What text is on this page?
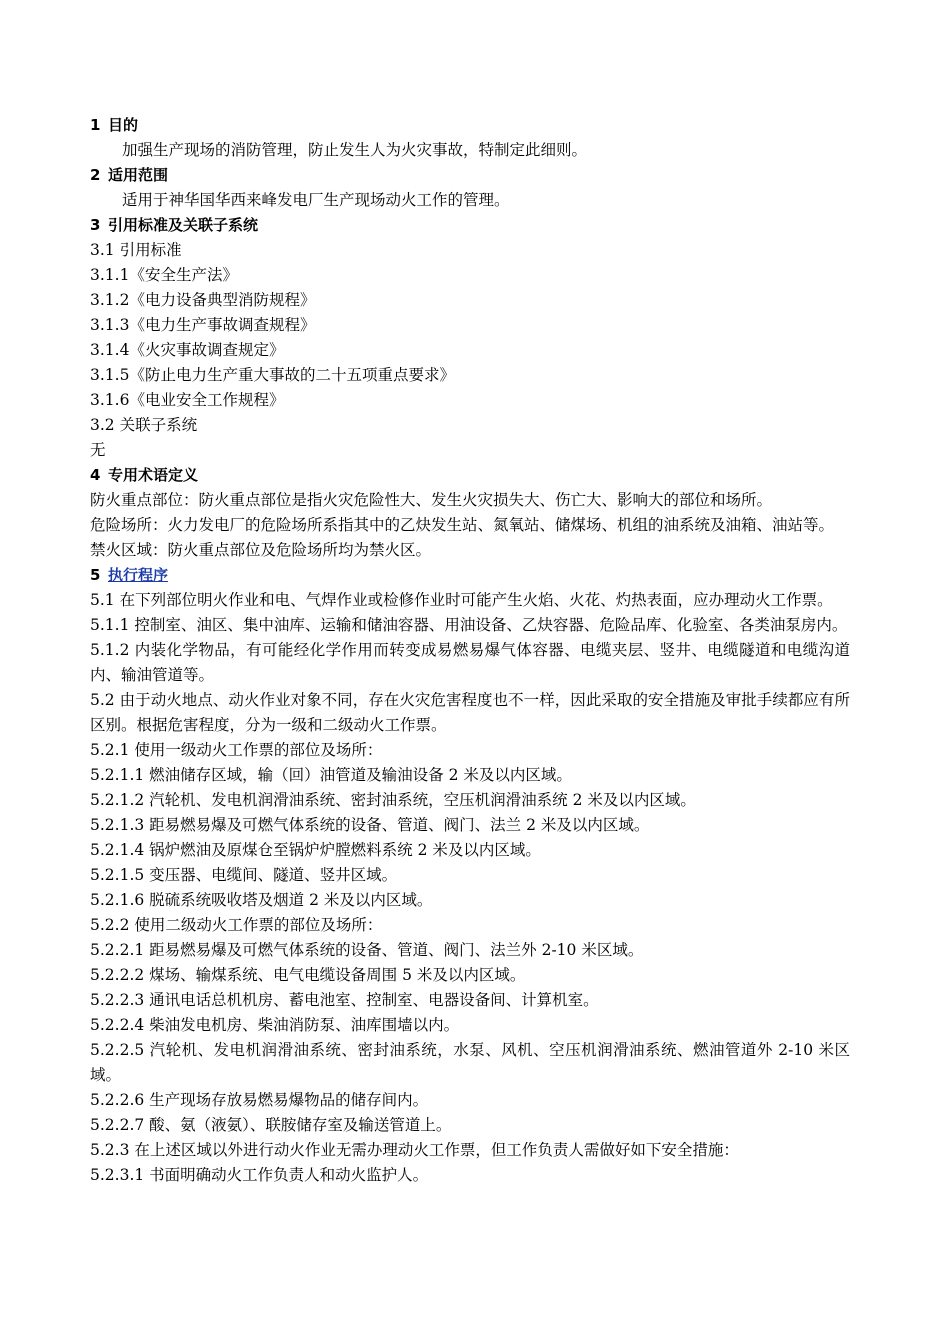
1 目的
加强生产现场的消防管理，防止发生人为火灾事故，特制定此细则。
2 适用范围
适用于神华国华西来峰发电厂生产现场动火工作的管理。
3 引用标准及关联子系统
3.1 引用标准
3.1.1《安全生产法》
3.1.2《电力设备典型消防规程》
3.1.3《电力生产事故调查规程》
3.1.4《火灾事故调查规定》
3.1.5《防止电力生产重大事故的二十五项重点要求》
3.1.6《电业安全工作规程》
3.2 关联子系统
无
4 专用术语定义
防火重点部位：防火重点部位是指火灾危险性大、发生火灾损失大、伤亡大、影响大的部位和场所。
危险场所：火力发电厂的危险场所系指其中的乙炔发生站、氮氧站、储煤场、机组的油系统及油箱、油站等。
禁火区域：防火重点部位及危险场所均为禁火区。
5 执行程序
5.1 在下列部位明火作业和电、气焊作业或检修作业时可能产生火焰、火花、灼热表面，应办理动火工作票。
5.1.1 控制室、油区、集中油库、运输和储油容器、用油设备、乙炔容器、危险品库、化验室、各类油泵房内。
5.1.2 内装化学物品，有可能经化学作用而转变成易燃易爆气体容器、电缆夹层、竖井、电缆隧道和电缆沟道内、输油管道等。
5.2 由于动火地点、动火作业对象不同，存在火灾危害程度也不一样，因此采取的安全措施及审批手续都应有所区别。根据危害程度，分为一级和二级动火工作票。
5.2.1 使用一级动火工作票的部位及场所：
5.2.1.1 燃油储存区域，输（回）油管道及输油设备 2 米及以内区域。
5.2.1.2 汽轮机、发电机润滑油系统、密封油系统，空压机润滑油系统 2 米及以内区域。
5.2.1.3 距易燃易爆及可燃气体系统的设备、管道、阀门、法兰 2 米及以内区域。
5.2.1.4 锅炉燃油及原煤仓至锅炉炉膛燃料系统 2 米及以内区域。
5.2.1.5 变压器、电缆间、隧道、竖井区域。
5.2.1.6 脱硫系统吸收塔及烟道 2 米及以内区域。
5.2.2 使用二级动火工作票的部位及场所：
5.2.2.1 距易燃易爆及可燃气体系统的设备、管道、阀门、法兰外 2-10 米区域。
5.2.2.2 煤场、输煤系统、电气电缆设备周围 5 米及以内区域。
5.2.2.3 通讯电话总机机房、蓄电池室、控制室、电器设备间、计算机室。
5.2.2.4 柴油发电机房、柴油消防泵、油库围墙以内。
5.2.2.5 汽轮机、发电机润滑油系统、密封油系统，水泵、风机、空压机润滑油系统、燃油管道外 2-10 米区域。
5.2.2.6 生产现场存放易燃易爆物品的储存间内。
5.2.2.7 酸、氨（液氨）、联胺储存室及输送管道上。
5.2.3 在上述区域以外进行动火作业无需办理动火工作票，但工作负责人需做好如下安全措施：
5.2.3.1 书面明确动火工作负责人和动火监护人。
